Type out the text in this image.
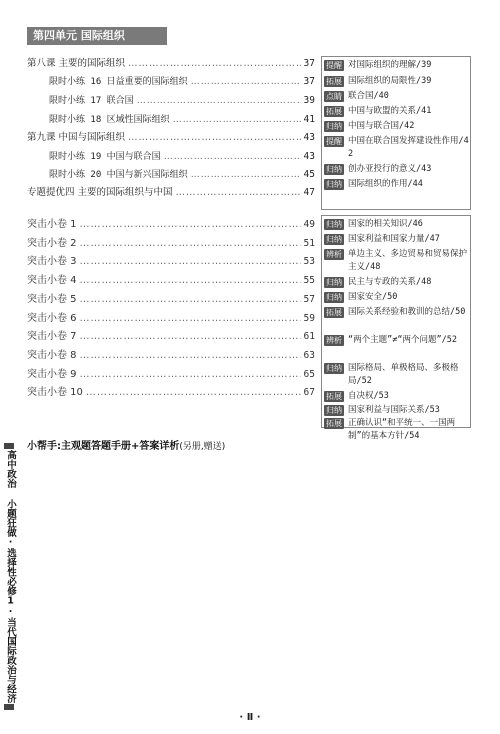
第四单元 国际组织
第八课 主要的国际组织 …………………………………………………………………………………………………………	37
限时小练 16 日益重要的国际组织 …………………………………………………………………………………………………………	37
限时小练 17 联合国 …………………………………………………………………………………………………………	39
限时小练 18 区域性国际组织 …………………………………………………………………………………………………………	41
第九课 中国与国际组织 …………………………………………………………………………………………………………	43
限时小练 19 中国与联合国 …………………………………………………………………………………………………………	43
限时小练 20 中国与新兴国际组织 …………………………………………………………………………………………………………	45
专题提优四 主要的国际组织与中国 …………………………………………………………………………………………………………	47
突击小卷 1 …………………………………………………………………………………………………………	49
突击小卷 2 …………………………………………………………………………………………………………	51
突击小卷 3 …………………………………………………………………………………………………………	53
突击小卷 4 …………………………………………………………………………………………………………	55
突击小卷 5 …………………………………………………………………………………………………………	57
突击小卷 6 …………………………………………………………………………………………………………	59
突击小卷 7 …………………………………………………………………………………………………………	61
突击小卷 8 …………………………………………………………………………………………………………	63
突击小卷 9 …………………………………………………………………………………………………………	65
突击小卷 10 …………………………………………………………………………………………………………	67
提醒 对国际组织的理解/39
拓展 国际组织的局限性/39
点睛 联合国/40
拓展 中国与欧盟的关系/41
归纳 中国与联合国/42
提醒 中国在联合国发挥建设性作用/42
归纳 创办亚投行的意义/43
归纳 国际组织的作用/44
归纳 国家的相关知识/46
归纳 国家利益和国家力量/47
辨析 单边主义、多边贸易和贸易保护主义/48
归纳 民主与专政的关系/48
归纳 国家安全/50
拓展 国际关系经验和教训的总结/50
辨析 “两个主题”≠“两个问题”/52
归纳 国际格局、单极格局、多极格局/52
拓展 自决权/53
归纳 国家利益与国际关系/53
拓展 正确认识“和平统一、一国两制”的基本方针/54
小帮手:主观题答题手册+答案详析(另册,赠送)
高中政治 小题狂做·选择性必修1·当代国际政治与经济
· Ⅱ ·
